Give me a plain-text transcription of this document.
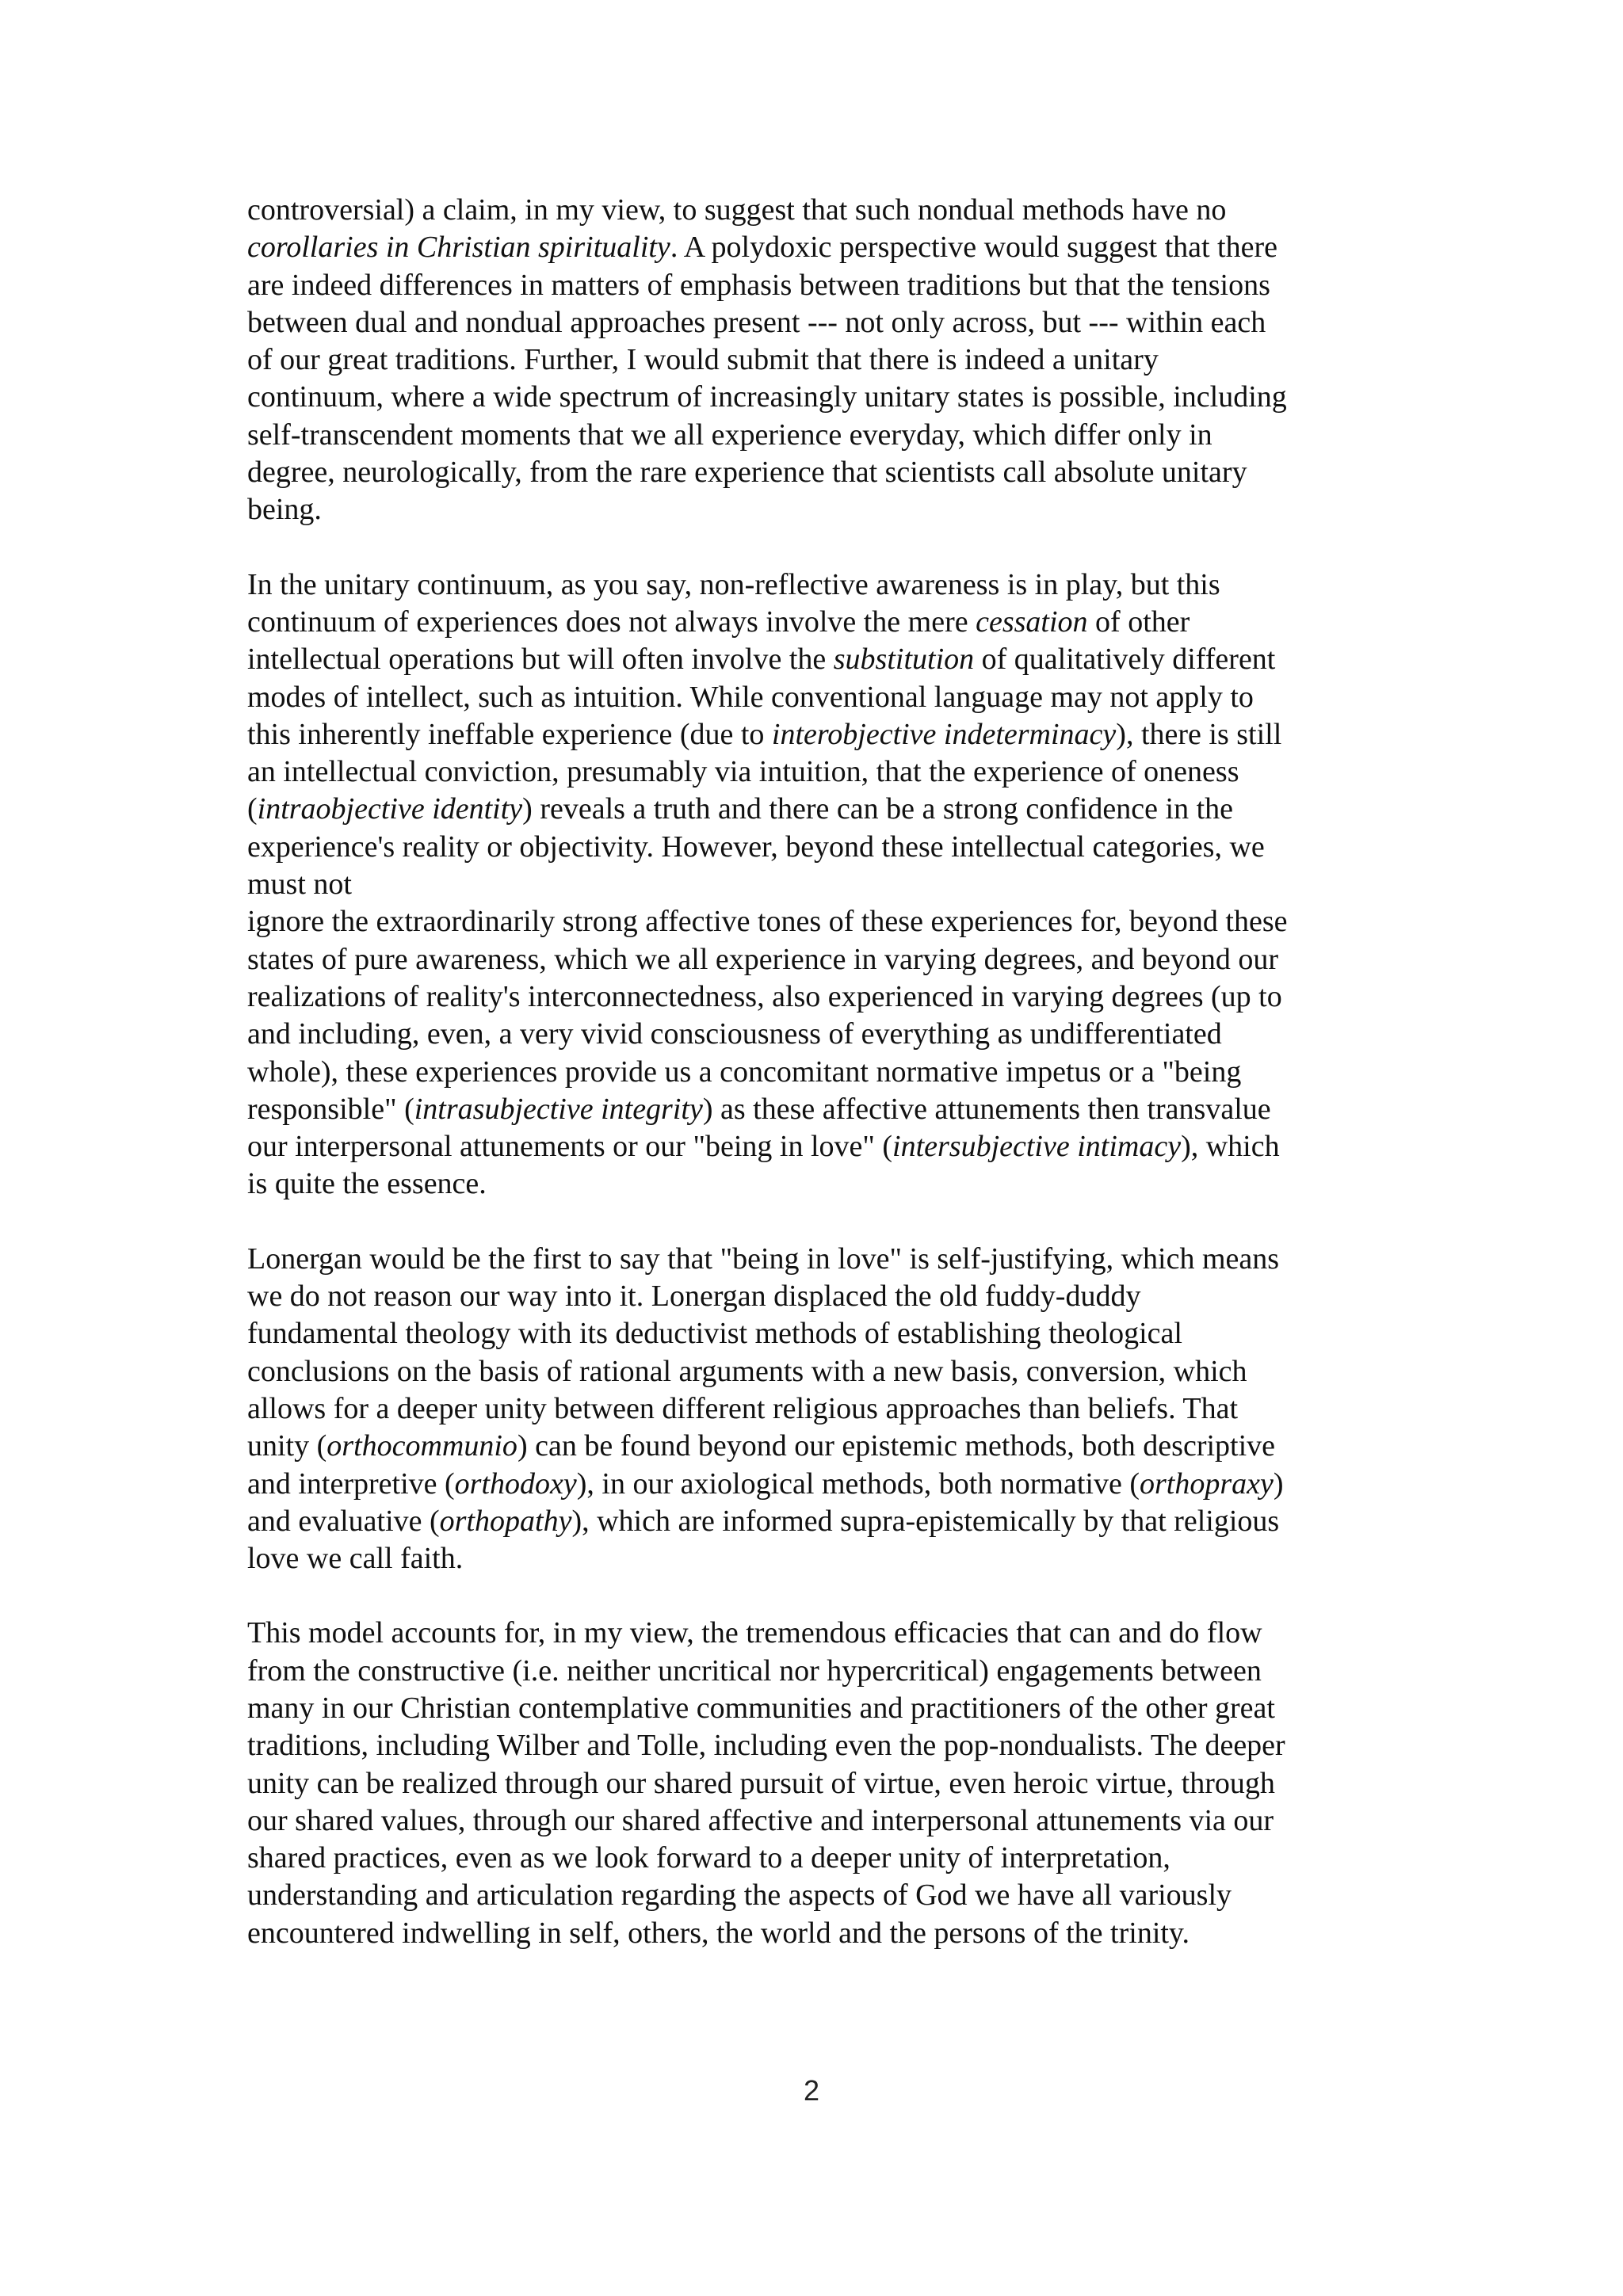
controversial) a claim, in my view, to suggest that such nondual methods have no
corollaries in Christian spirituality. A polydoxic perspective would suggest that there
are indeed differences in matters of emphasis between traditions but that the tensions
between dual and nondual approaches present --- not only across, but --- within each
of our great traditions. Further, I would submit that there is indeed a unitary
continuum, where a wide spectrum of increasingly unitary states is possible, including
self-transcendent moments that we all experience everyday, which differ only in
degree, neurologically, from the rare experience that scientists call absolute unitary
being.
In the unitary continuum, as you say, non-reflective awareness is in play, but this
continuum of experiences does not always involve the mere cessation of other
intellectual operations but will often involve the substitution of qualitatively different
modes of intellect, such as intuition. While conventional language may not apply to
this inherently ineffable experience (due to interobjective indeterminacy), there is still
an intellectual conviction, presumably via intuition, that the experience of oneness
(intraobjective identity) reveals a truth and there can be a strong confidence in the
experience's reality or objectivity. However, beyond these intellectual categories, we
must not
ignore the extraordinarily strong affective tones of these experiences for, beyond these
states of pure awareness, which we all experience in varying degrees, and beyond our
realizations of reality's interconnectedness, also experienced in varying degrees (up to
and including, even, a very vivid consciousness of everything as undifferentiated
whole), these experiences provide us a concomitant normative impetus or a "being
responsible" (intrasubjective integrity) as these affective attunements then transvalue
our interpersonal attunements or our "being in love" (intersubjective intimacy), which
is quite the essence.
Lonergan would be the first to say that "being in love" is self-justifying, which means
we do not reason our way into it. Lonergan displaced the old fuddy-duddy
fundamental theology with its deductivist methods of establishing theological
conclusions on the basis of rational arguments with a new basis, conversion, which
allows for a deeper unity between different religious approaches than beliefs. That
unity (orthocommunio) can be found beyond our epistemic methods, both descriptive
and interpretive (orthodoxy), in our axiological methods, both normative (orthopraxy)
and evaluative (orthopathy), which are informed supra-epistemically by that religious
love we call faith.
This model accounts for, in my view, the tremendous efficacies that can and do flow
from the constructive (i.e. neither uncritical nor hypercritical) engagements between
many in our Christian contemplative communities and practitioners of the other great
traditions, including Wilber and Tolle, including even the pop-nondualists. The deeper
unity can be realized through our shared pursuit of virtue, even heroic virtue, through
our shared values, through our shared affective and interpersonal attunements via our
shared practices, even as we look forward to a deeper unity of interpretation,
understanding and articulation regarding the aspects of God we have all variously
encountered indwelling in self, others, the world and the persons of the trinity.
2
